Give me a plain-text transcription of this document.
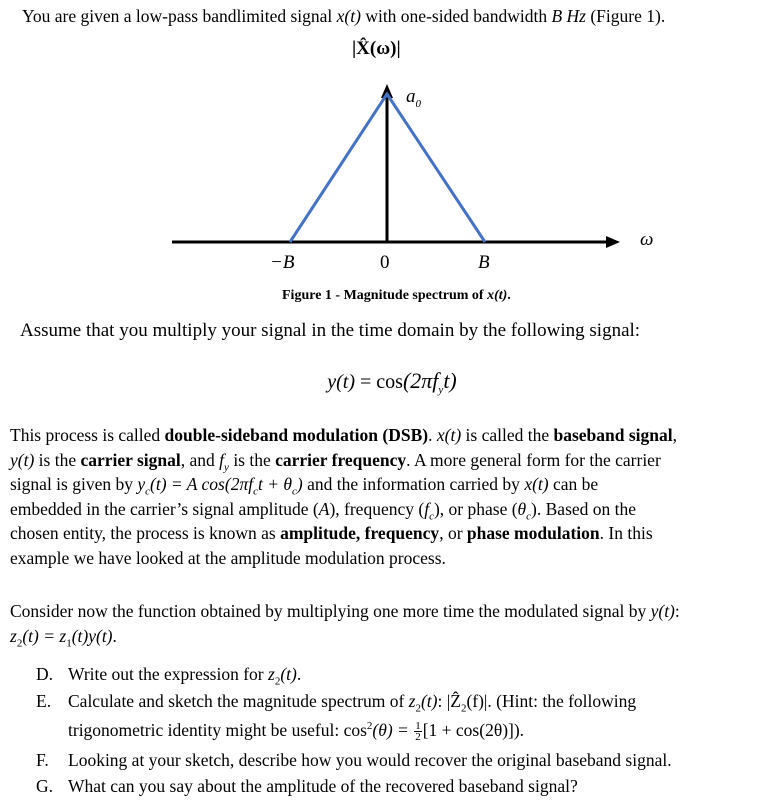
You are given a low-pass bandlimited signal x(t) with one-sided bandwidth B Hz (Figure 1).
|X̂(ω)|
$a_0$
ω
−B	0	B
Figure 1 - Magnitude spectrum of x(t).
Assume that you multiply your signal in the time domain by the following signal:
$y(t) = \cos(2\pi f_yt)$

This process is called double-sideband modulation (DSB). x(t) is called the baseband signal,

y(t) is the carrier signal, and $f_y$ is the carrier frequency. A more general form for the carrier

signal is given by $y_c(t) = A$ $\cos(2\pi f_ct + \theta_c)$ and the information carried by x(t) can be

embedded in the carrier’s signal amplitude (A), frequency $(f_c)$, or phase $(\theta_c)$. Based on the

chosen entity, the process is known as amplitude, frequency, or phase modulation. In this

example we have looked at the amplitude modulation process.

Consider now the function obtained by multiplying one more time the modulated signal by y(t):

$z_2(t) = z_1(t)y(t)$.

D. Write out the expression for $z_2(t)$.
E. Calculate and sketch the magnitude spectrum of $z_2(t)$: |Ẑ$_2$(f)|. (Hint: the following
trigonometric identity might be useful: $\cos^2(\theta) = \frac{1}{2} [1 + \cos(2\theta)]$).
F. Looking at your sketch, describe how you would recover the original baseband signal.
G. What can you say about the amplitude of the recovered baseband signal?
